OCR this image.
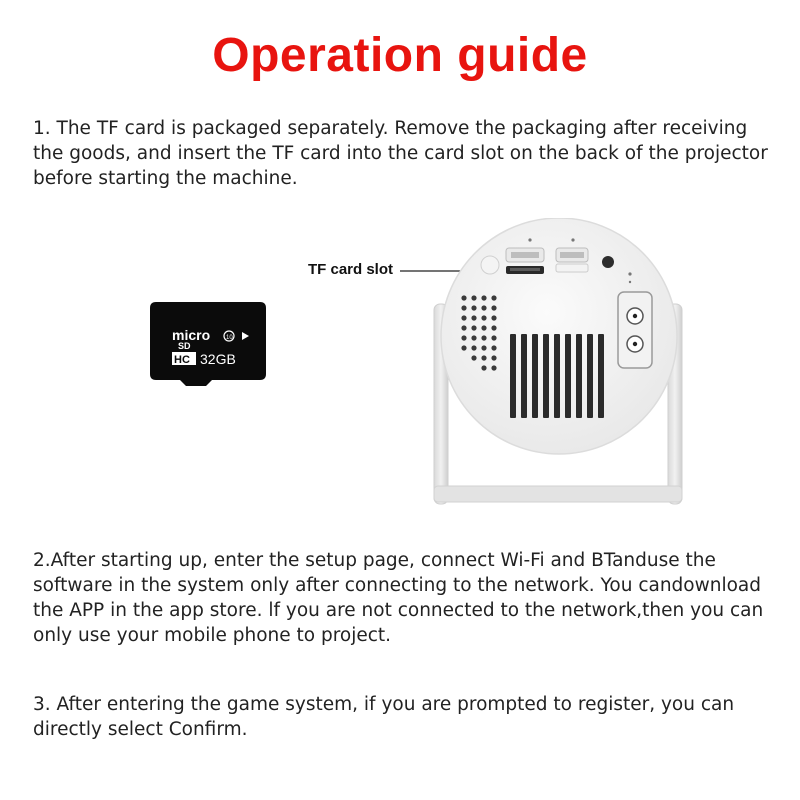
Operation guide
1. The TF card is packaged separately. Remove the packaging after receiving the goods, and insert the TF card into the card slot on the back of the projector before starting the machine.
micro
SD
10
HC 32GB
TF card slot
2.After starting up, enter the setup page, connect Wi-Fi and BTanduse the software in the system only after connecting to the network. You candownload the APP in the app store. lf you are not connected to the network,then you can only use your mobile phone to project.
3. After entering the game system, if you are prompted to register, you can directly select Confirm.
